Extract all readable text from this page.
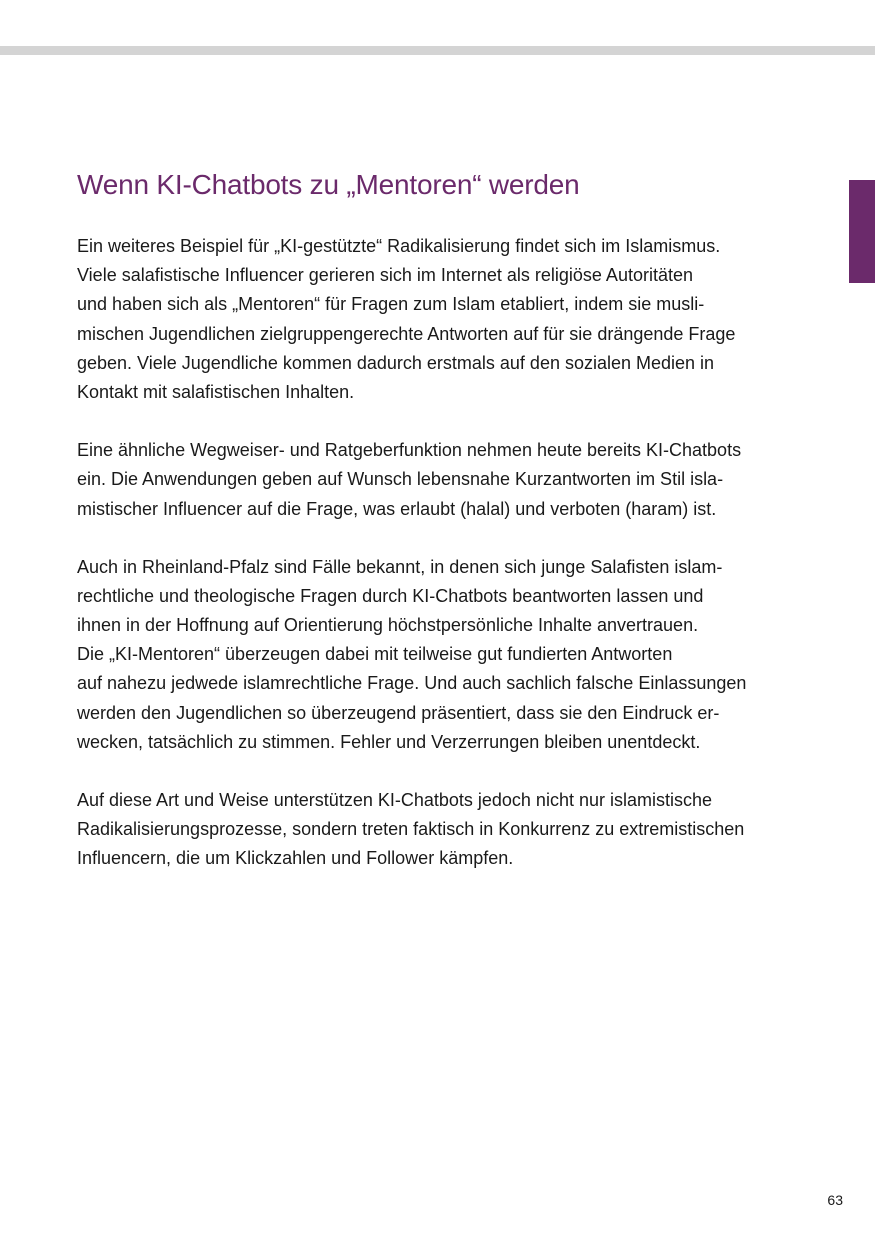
Wenn KI-Chatbots zu „Mentoren“ werden

Ein weiteres Beispiel für „KI-gestützte“ Radikalisierung findet sich im Islamismus.
Viele salafistische Influencer gerieren sich im Internet als religiöse Autoritäten
und haben sich als „Mentoren“ für Fragen zum Islam etabliert, indem sie musli-
mischen Jugendlichen zielgruppengerechte Antworten auf für sie drängende Frage
geben. Viele Jugendliche kommen dadurch erstmals auf den sozialen Medien in
Kontakt mit salafistischen Inhalten.

Eine ähnliche Wegweiser- und Ratgeberfunktion nehmen heute bereits KI-Chatbots
ein. Die Anwendungen geben auf Wunsch lebensnahe Kurzantworten im Stil isla-
mistischer Influencer auf die Frage, was erlaubt (halal) und verboten (haram) ist.

Auch in Rheinland-Pfalz sind Fälle bekannt, in denen sich junge Salafisten islam-
rechtliche und theologische Fragen durch KI-Chatbots beantworten lassen und
ihnen in der Hoffnung auf Orientierung höchstpersönliche Inhalte anvertrauen.
Die „KI-Mentoren“ überzeugen dabei mit teilweise gut fundierten Antworten
auf nahezu jedwede islamrechtliche Frage. Und auch sachlich falsche Einlassungen
werden den Jugendlichen so überzeugend präsentiert, dass sie den Eindruck er-
wecken, tatsächlich zu stimmen. Fehler und Verzerrungen bleiben unentdeckt.

Auf diese Art und Weise unterstützen KI-Chatbots jedoch nicht nur islamistische
Radikalisierungsprozesse, sondern treten faktisch in Konkurrenz zu extremistischen
Influencern, die um Klickzahlen und Follower kämpfen.

63
